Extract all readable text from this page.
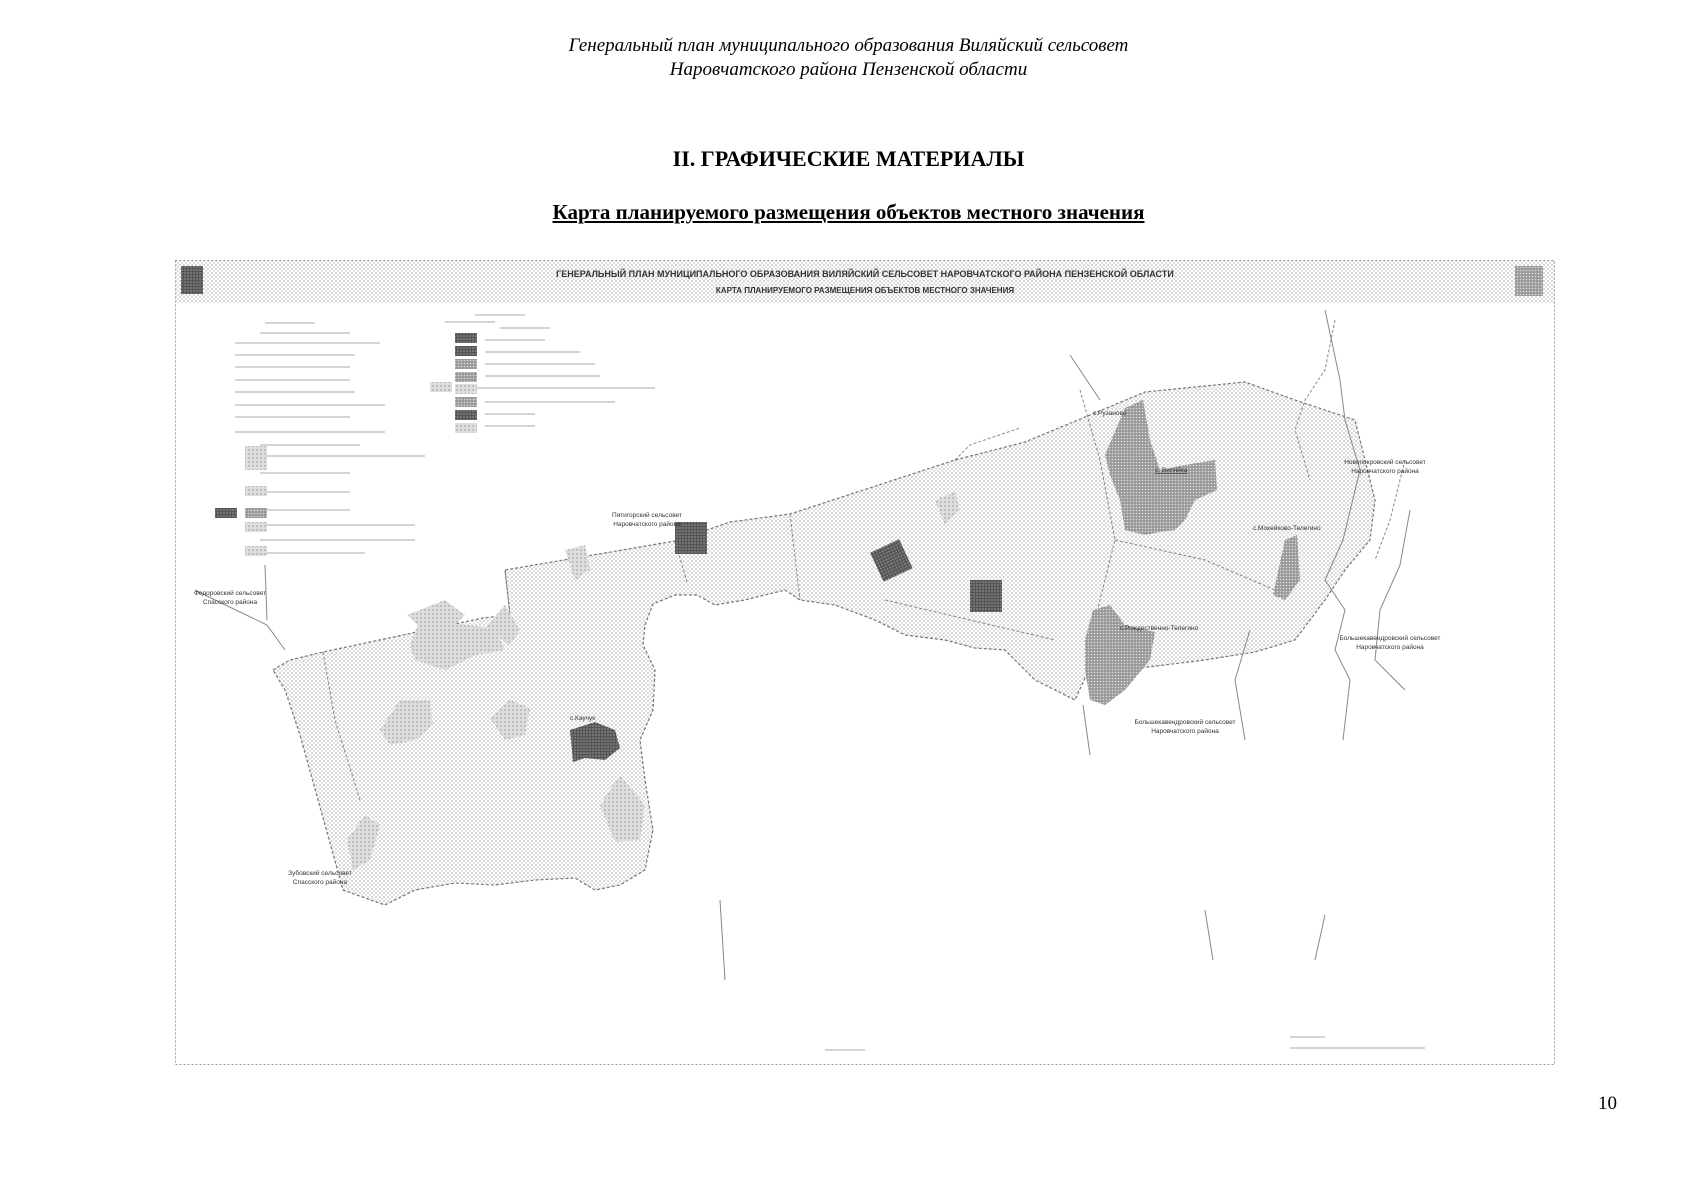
Генеральный план муниципального образования Виляйский сельсовет
Наровчатского района Пензенской области
II. ГРАФИЧЕСКИЕ МАТЕРИАЛЫ
Карта планируемого размещения объектов местного значения
ГЕНЕРАЛЬНЫЙ ПЛАН МУНИЦИПАЛЬНОГО ОБРАЗОВАНИЯ ВИЛЯЙСКИЙ СЕЛЬСОВЕТ НАРОВЧАТСКОГО РАЙОНА ПЕНЗЕНСКОЙ ОБЛАСТИ
КАРТА ПЛАНИРУЕМОГО РАЗМЕЩЕНИЯ ОБЪЕКТОВ МЕСТНОГО ЗНАЧЕНИЯ
с.Рузаново
с. Виляйка
с.Мокейково-Телегино
с.Рождественно-Телегино
с.Каучук
Пятигорский сельсовет
Наровчатского района
Федоровский сельсовет
Спасского района
Зубовский сельсовет
Спасского района
Новопокровский сельсовет
Наровчатского района
Большекавендровский сельсовет
Наровчатского района
Большекавендровский сельсовет
Наровчатского района
10
